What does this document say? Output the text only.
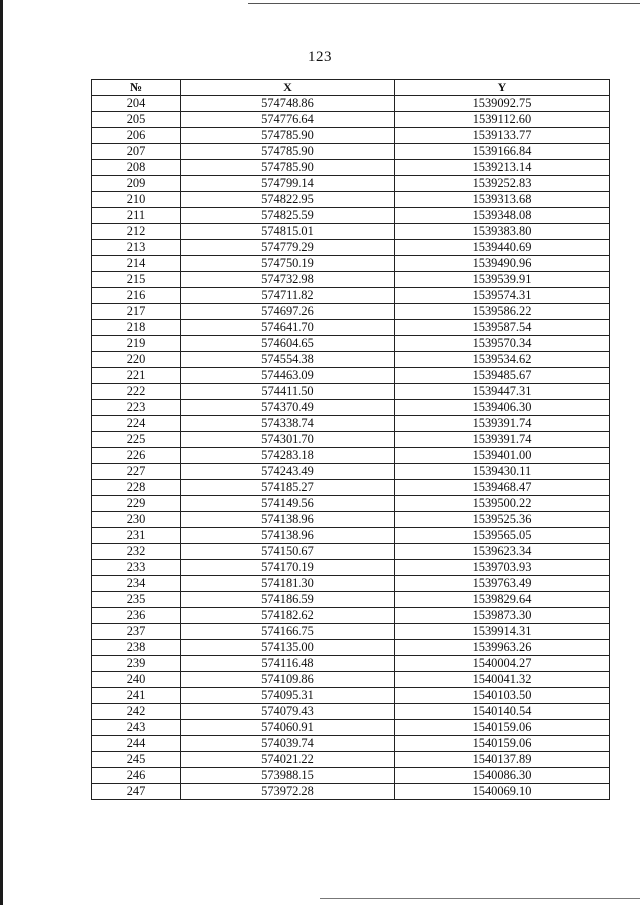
123
№	X	Y
204	574748.86	1539092.75
205	574776.64	1539112.60
206	574785.90	1539133.77
207	574785.90	1539166.84
208	574785.90	1539213.14
209	574799.14	1539252.83
210	574822.95	1539313.68
211	574825.59	1539348.08
212	574815.01	1539383.80
213	574779.29	1539440.69
214	574750.19	1539490.96
215	574732.98	1539539.91
216	574711.82	1539574.31
217	574697.26	1539586.22
218	574641.70	1539587.54
219	574604.65	1539570.34
220	574554.38	1539534.62
221	574463.09	1539485.67
222	574411.50	1539447.31
223	574370.49	1539406.30
224	574338.74	1539391.74
225	574301.70	1539391.74
226	574283.18	1539401.00
227	574243.49	1539430.11
228	574185.27	1539468.47
229	574149.56	1539500.22
230	574138.96	1539525.36
231	574138.96	1539565.05
232	574150.67	1539623.34
233	574170.19	1539703.93
234	574181.30	1539763.49
235	574186.59	1539829.64
236	574182.62	1539873.30
237	574166.75	1539914.31
238	574135.00	1539963.26
239	574116.48	1540004.27
240	574109.86	1540041.32
241	574095.31	1540103.50
242	574079.43	1540140.54
243	574060.91	1540159.06
244	574039.74	1540159.06
245	574021.22	1540137.89
246	573988.15	1540086.30
247	573972.28	1540069.10
